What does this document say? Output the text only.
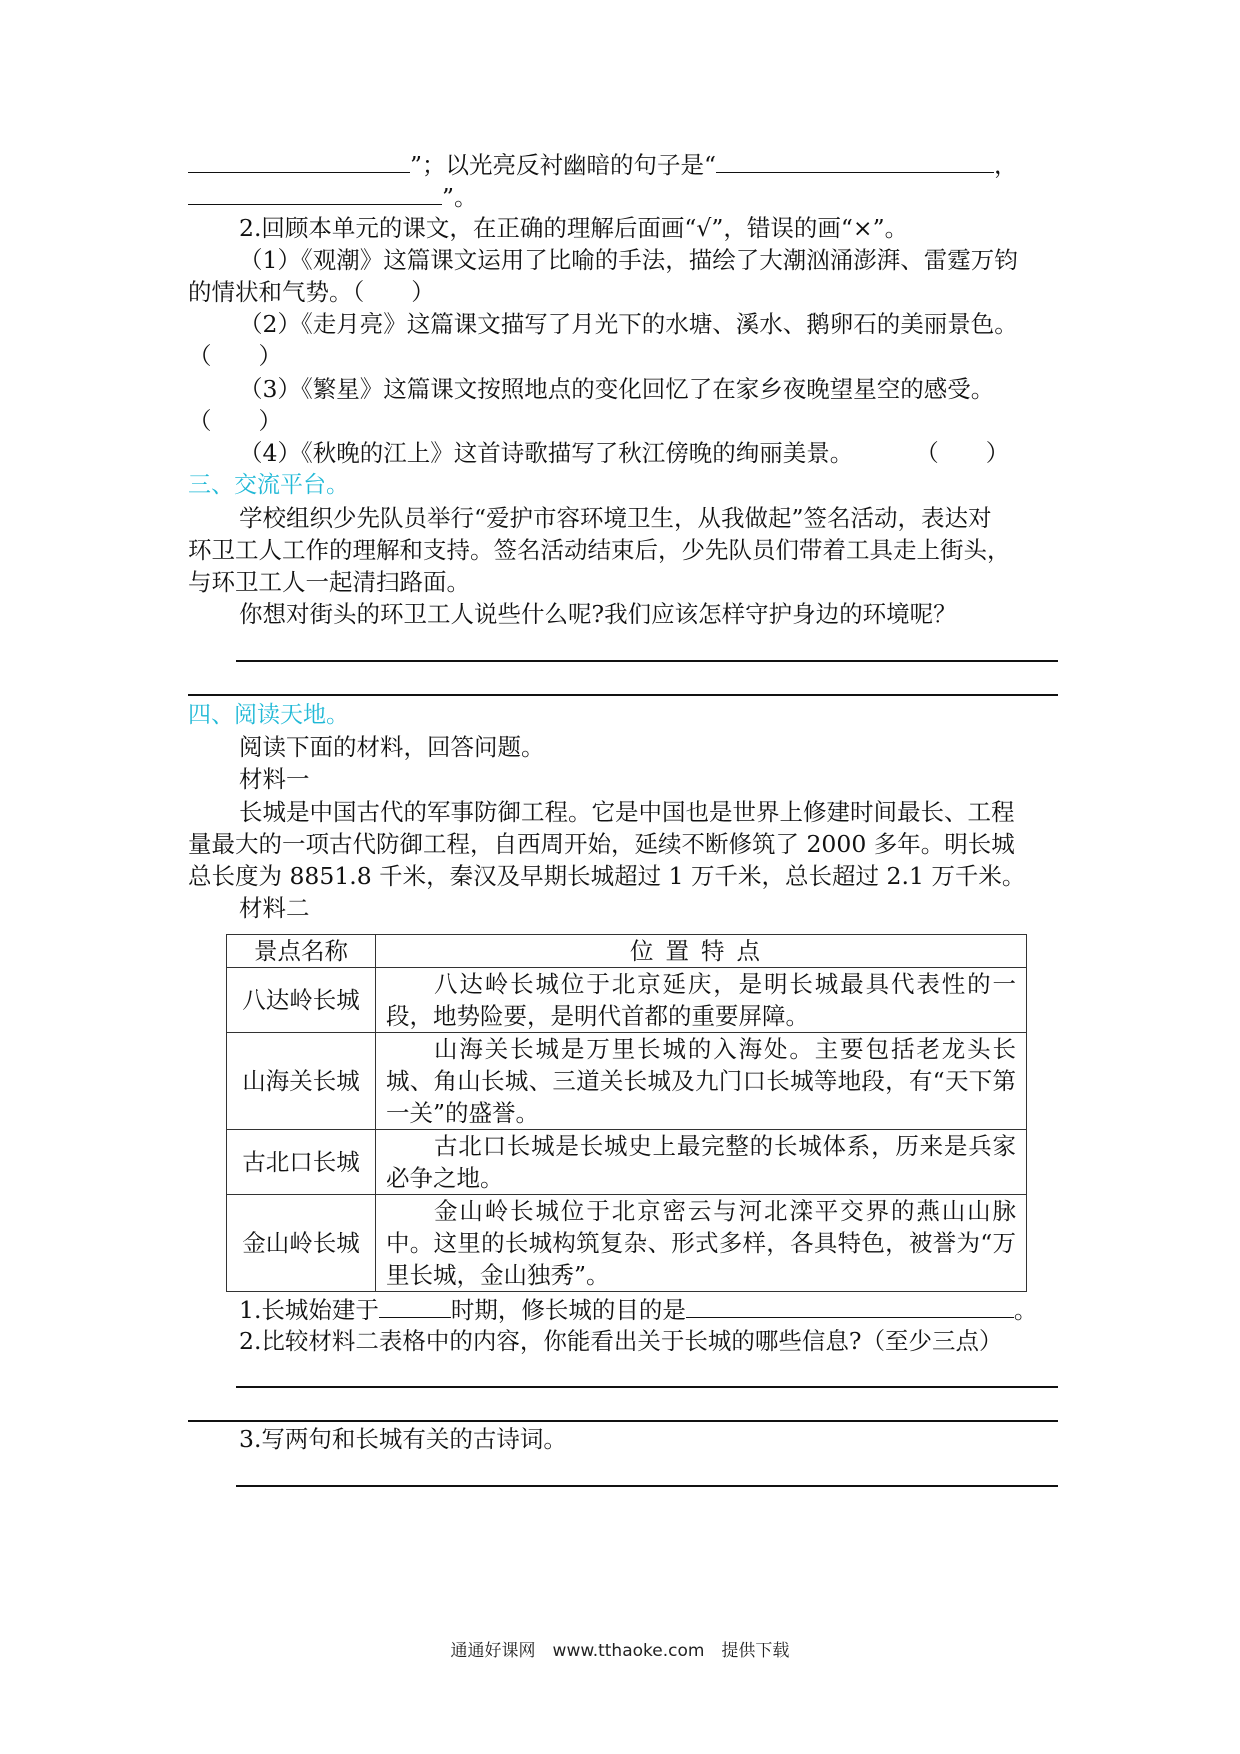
”；以光亮反衬幽暗的句子是“	，
”。
2.回顾本单元的课文，在正确的理解后面画“√”，错误的画“×”。
（1）《观潮》这篇课文运用了比喻的手法，描绘了大潮汹涌澎湃、雷霆万钧
的情状和气势。（　　）
（2）《走月亮》这篇课文描写了月光下的水塘、溪水、鹅卵石的美丽景色。
（　　）
（3）《繁星》这篇课文按照地点的变化回忆了在家乡夜晚望星空的感受。
（　　）
（4）《秋晚的江上》这首诗歌描写了秋江傍晚的绚丽美景。	（　　）
三、交流平台。
学校组织少先队员举行“爱护市容环境卫生，从我做起”签名活动，表达对
环卫工人工作的理解和支持。签名活动结束后，少先队员们带着工具走上街头，
与环卫工人一起清扫路面。
你想对街头的环卫工人说些什么呢?我们应该怎样守护身边的环境呢？
四、阅读天地。
阅读下面的材料，回答问题。
材料一
长城是中国古代的军事防御工程。它是中国也是世界上修建时间最长、工程
量最大的一项古代防御工程，自西周开始，延续不断修筑了 2000 多年。明长城
总长度为 8851.8 千米，秦汉及早期长城超过 1 万千米，总长超过 2.1 万千米。
材料二
景点名称	位置特点
八达岭长城	八达岭长城位于北京延庆，是明长城最具代表性的一段，地势险要，是明代首都的重要屏障。
山海关长城	山海关长城是万里长城的入海处。主要包括老龙头长城、角山长城、三道关长城及九门口长城等地段，有“天下第一关”的盛誉。
古北口长城	古北口长城是长城史上最完整的长城体系，历来是兵家必争之地。
金山岭长城	金山岭长城位于北京密云与河北滦平交界的燕山山脉中。这里的长城构筑复杂、形式多样，各具特色，被誉为“万里长城，金山独秀”。
1.长城始建于	时期，修长城的目的是	。
2.比较材料二表格中的内容，你能看出关于长城的哪些信息?（至少三点）
3.写两句和长城有关的古诗词。
通通好课网　www.tthaoke.com　提供下载
